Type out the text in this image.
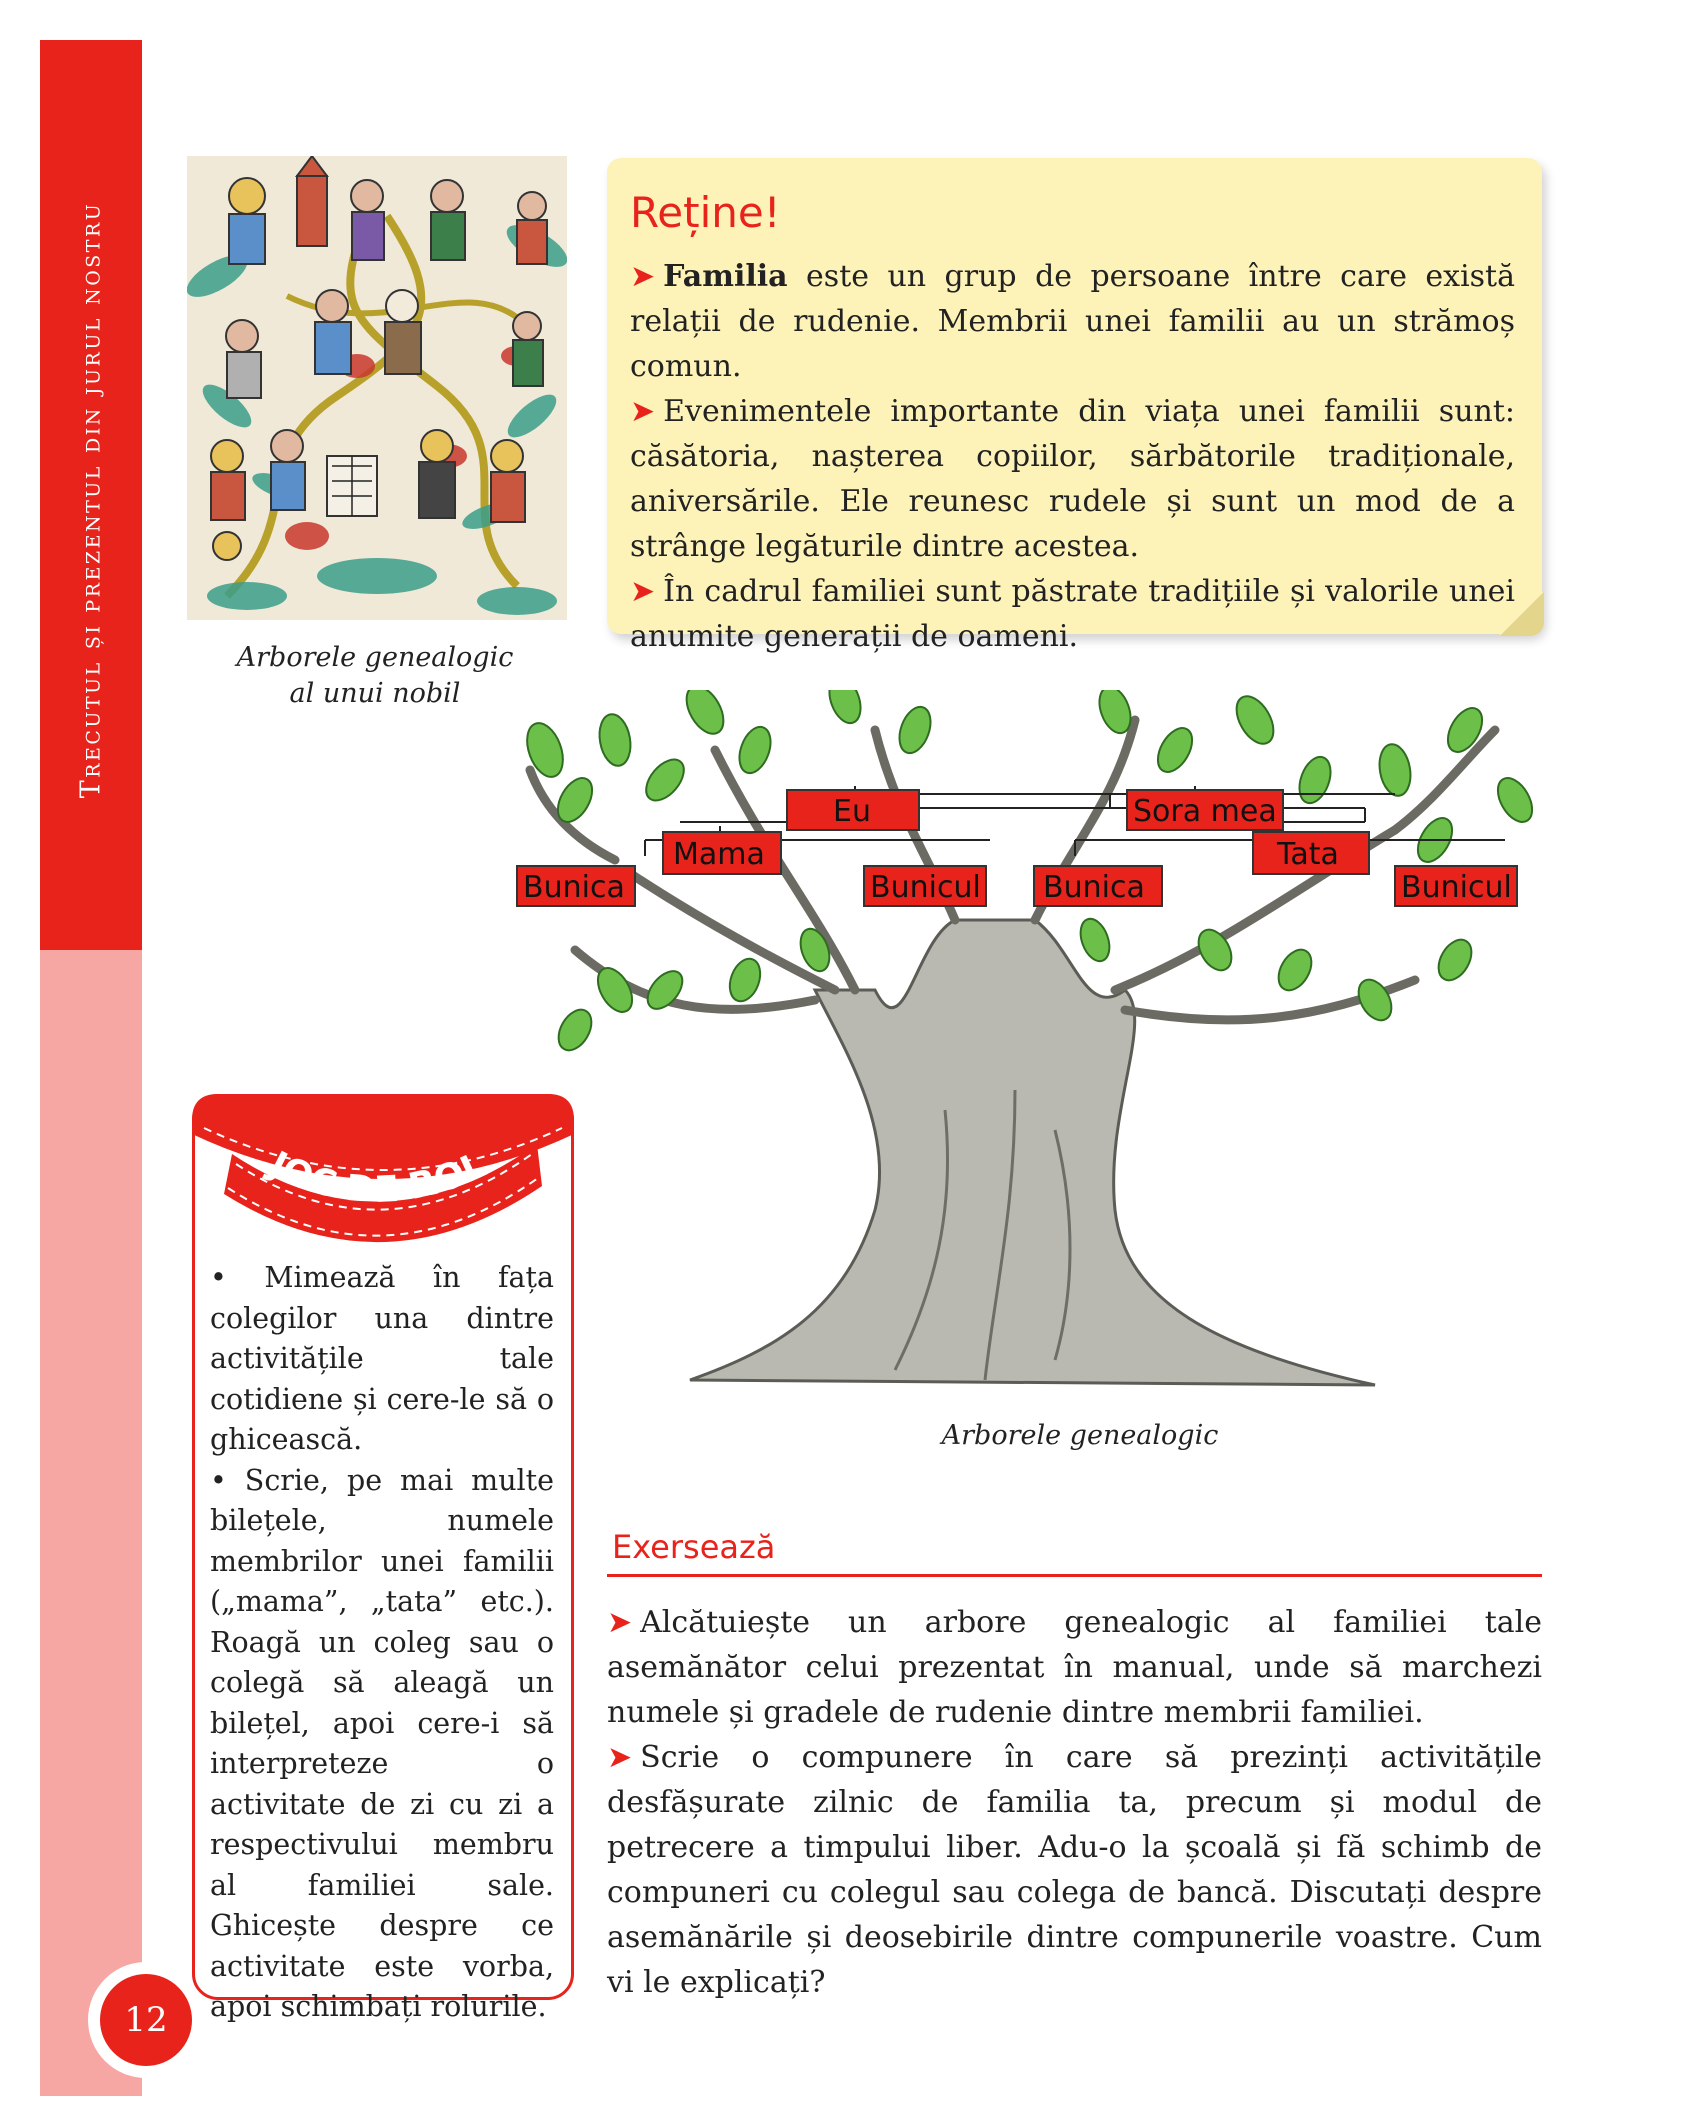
Trecutul și prezentul din jurul nostru
12
Arborele genealogic
al unui nobil
Reține!

➤ Familia este un grup de persoane între care există relații de rudenie. Membrii unei familii au un strămoș comun.

➤ Evenimentele importante din viața unei familii sunt: căsătoria, nașterea copiilor, sărbătorile tradiționale, aniversările. Ele reunesc rudele și sunt un mod de a strânge legăturile dintre acestea.

➤ În cadrul familiei sunt păstrate tradițiile și valorile unei anumite generații de oameni.

Eu	Sora mea
Mama	Tata
Bunica	Bunicul Bunica	Bunicul
Arborele genealogic
JOC DE ROL

• Mimează în fața colegilor una dintre activitățile tale cotidiene și cere-le să o ghicească.

• Scrie, pe mai multe bilețele, numele membrilor unei familii („mama”, „tata” etc.). Roagă un coleg sau o colegă să aleagă un bilețel, apoi cere-i să interpreteze o activitate de zi cu zi a respectivului membru al familiei sale. Ghicește despre ce activitate este vorba, apoi schimbați rolurile.

Exersează

➤ Alcătuiește un arbore genealogic al familiei tale asemănător celui prezentat în manual, unde să marchezi numele și gradele de rudenie dintre membrii familiei.

➤ Scrie o compunere în care să prezinți activitățile desfășurate zilnic de familia ta, precum și modul de petrecere a timpului liber. Adu-o la școală și fă schimb de compuneri cu colegul sau colega de bancă. Discutați despre asemănările și deosebirile dintre compunerile voastre. Cum vi le explicați?
